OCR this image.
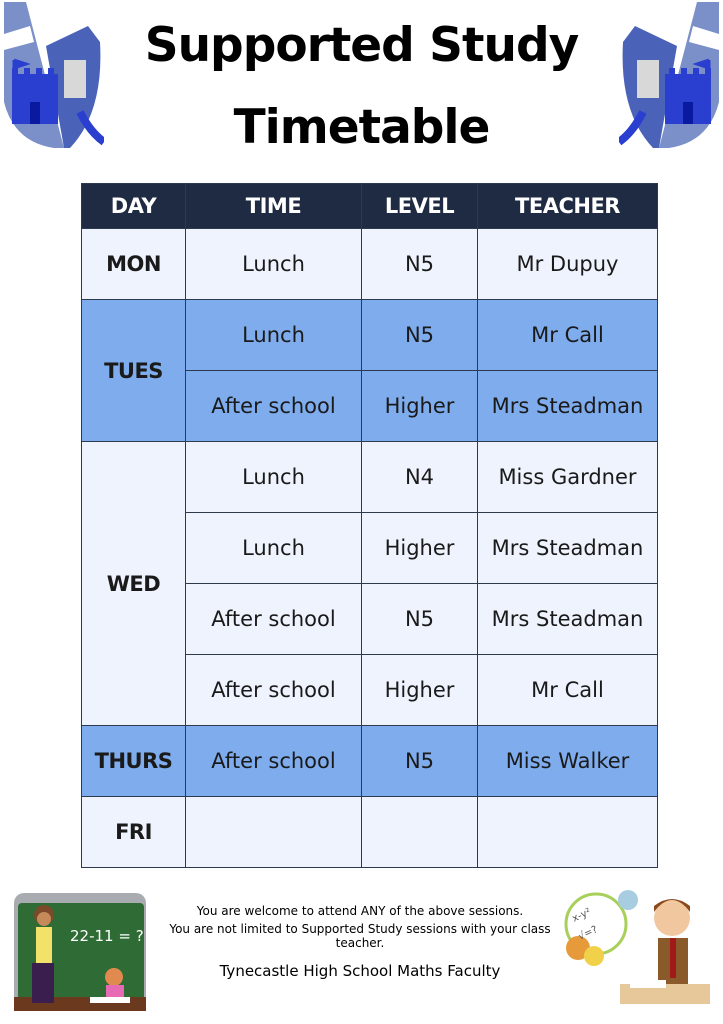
Supported Study
Timetable
DAY	TIME	LEVEL	TEACHER
MON	Lunch	N5	Mr Dupuy
TUES	Lunch	N5	Mr Call
	After school	Higher	Mrs Steadman
WED	Lunch	N4	Miss Gardner
	Lunch	Higher	Mrs Steadman
	After school	N5	Mrs Steadman
	After school	Higher	Mr Call
THURS	After school	N5	Miss Walker
FRI			
22-11 = ?
You are welcome to attend ANY of the above sessions.
You are not limited to Supported Study sessions with your class teacher.
Tynecastle High School Maths Faculty
x-y²
√=?
